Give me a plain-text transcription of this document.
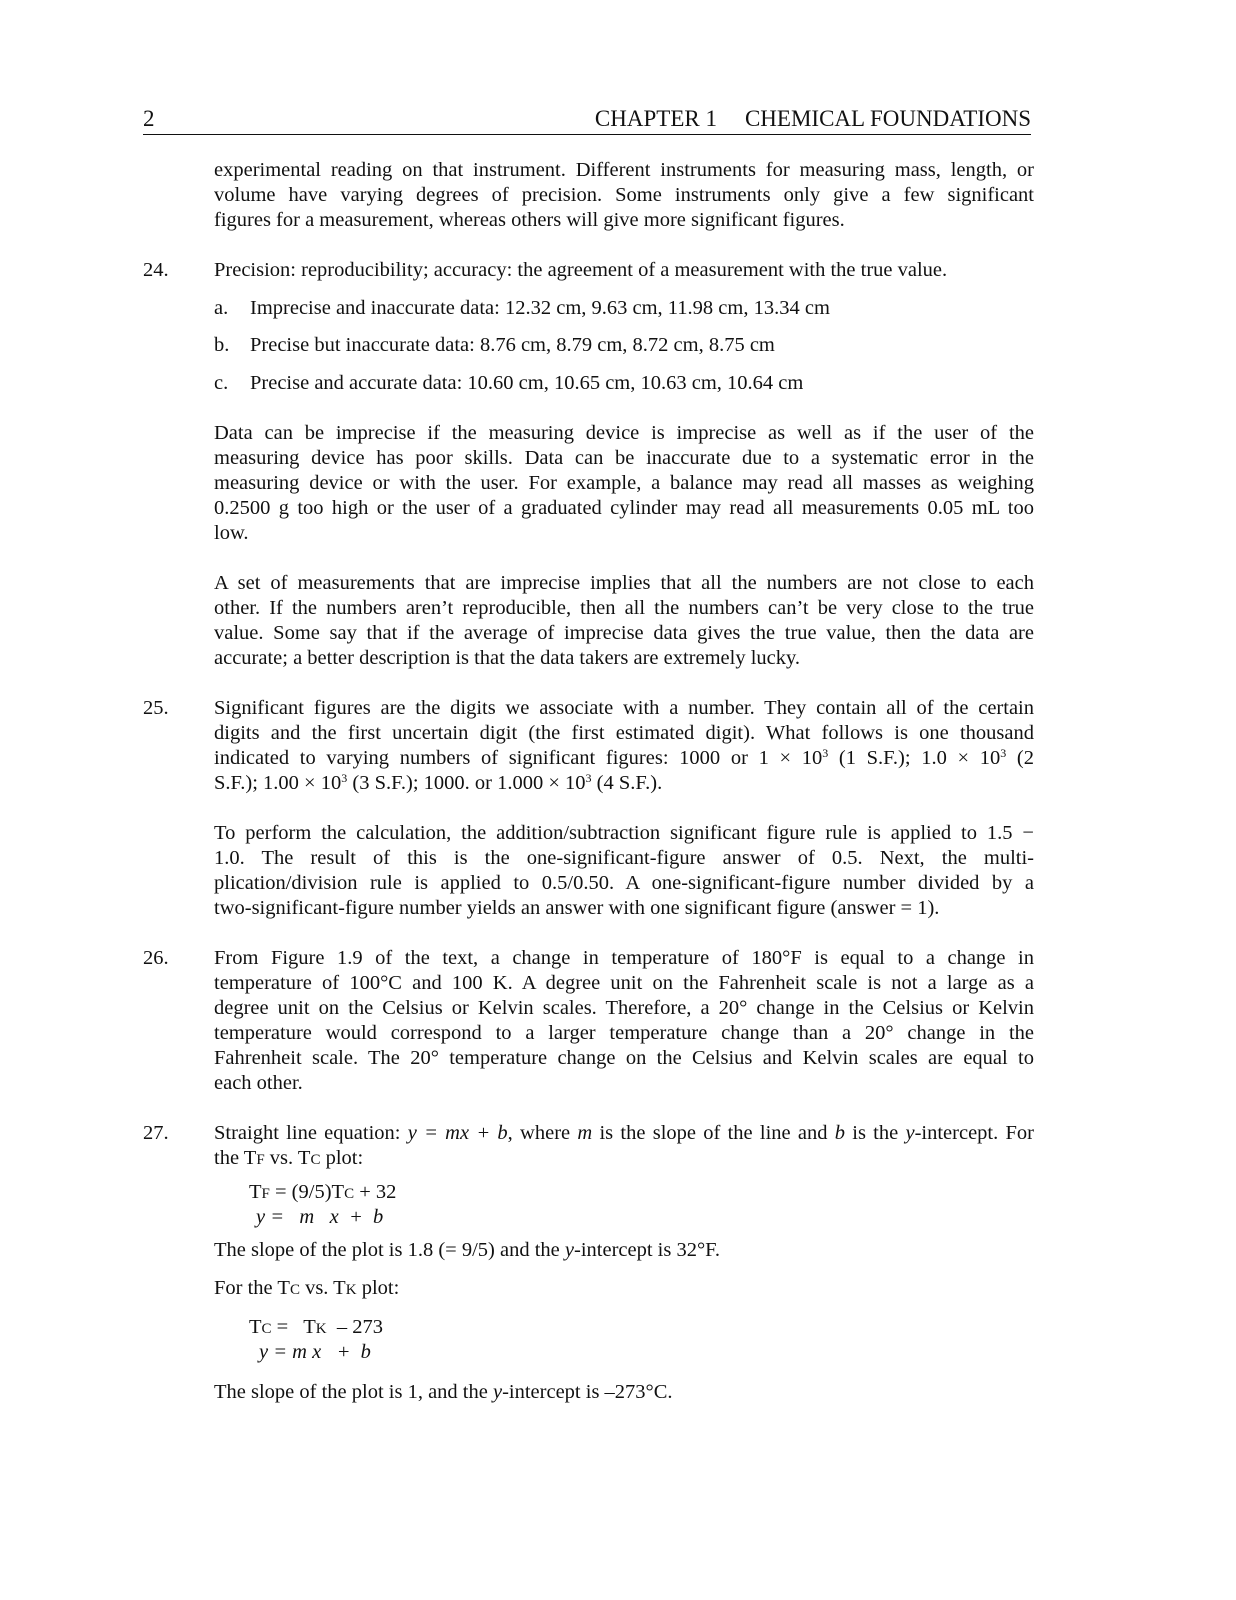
2	CHAPTER 1 CHEMICAL FOUNDATIONS

experimental reading on that instrument. Different instruments for measuring mass, length, or
volume have varying degrees of precision. Some instruments only give a few significant
figures for a measurement, whereas others will give more significant figures.

24. Precision: reproducibility; accuracy: the agreement of a measurement with the true value.
a. Imprecise and inaccurate data: 12.32 cm, 9.63 cm, 11.98 cm, 13.34 cm
b. Precise but inaccurate data: 8.76 cm, 8.79 cm, 8.72 cm, 8.75 cm
c. Precise and accurate data: 10.60 cm, 10.65 cm, 10.63 cm, 10.64 cm

Data can be imprecise if the measuring device is imprecise as well as if the user of the
measuring device has poor skills. Data can be inaccurate due to a systematic error in the
measuring device or with the user. For example, a balance may read all masses as weighing
0.2500 g too high or the user of a graduated cylinder may read all measurements 0.05 mL too
low.

A set of measurements that are imprecise implies that all the numbers are not close to each
other. If the numbers aren’t reproducible, then all the numbers can’t be very close to the true
value. Some say that if the average of imprecise data gives the true value, then the data are
accurate; a better description is that the data takers are extremely lucky.

25. Significant figures are the digits we associate with a number. They contain all of the certain
digits and the first uncertain digit (the first estimated digit). What follows is one thousand
indicated to varying numbers of significant figures: 1000 or $1 \times 10^3$ (1 S.F.); $1.0 \times 10^3$ (2
S.F.); $1.00 \times 10^3$ (3 S.F.); 1000. or $1.000 \times 10^3$ (4 S.F.).

To perform the calculation, the addition/subtraction significant figure rule is applied to 1.5 −
1.0. The result of this is the one-significant-figure answer of 0.5. Next, the multi-
plication/division rule is applied to 0.5/0.50. A one-significant-figure number divided by a
two-significant-figure number yields an answer with one significant figure (answer = 1).

26. From Figure 1.9 of the text, a change in temperature of 180°F is equal to a change in
temperature of 100°C and 100 K. A degree unit on the Fahrenheit scale is not a large as a
degree unit on the Celsius or Kelvin scales. Therefore, a 20° change in the Celsius or Kelvin
temperature would correspond to a larger temperature change than a 20° change in the
Fahrenheit scale. The 20° temperature change on the Celsius and Kelvin scales are equal to
each other.

27. Straight line equation: y = mx + b, where m is the slope of the line and b is the y-intercept. For
the TF vs. TC plot:

TF = (9/5)TC + 32
y =   m   x  +  b
The slope of the plot is 1.8 (= 9/5) and the y-intercept is 32°F.
For the TC vs. TK plot:
TC =   TK  – 273
y = m x   +  b
The slope of the plot is 1, and the y-intercept is –273°C.
